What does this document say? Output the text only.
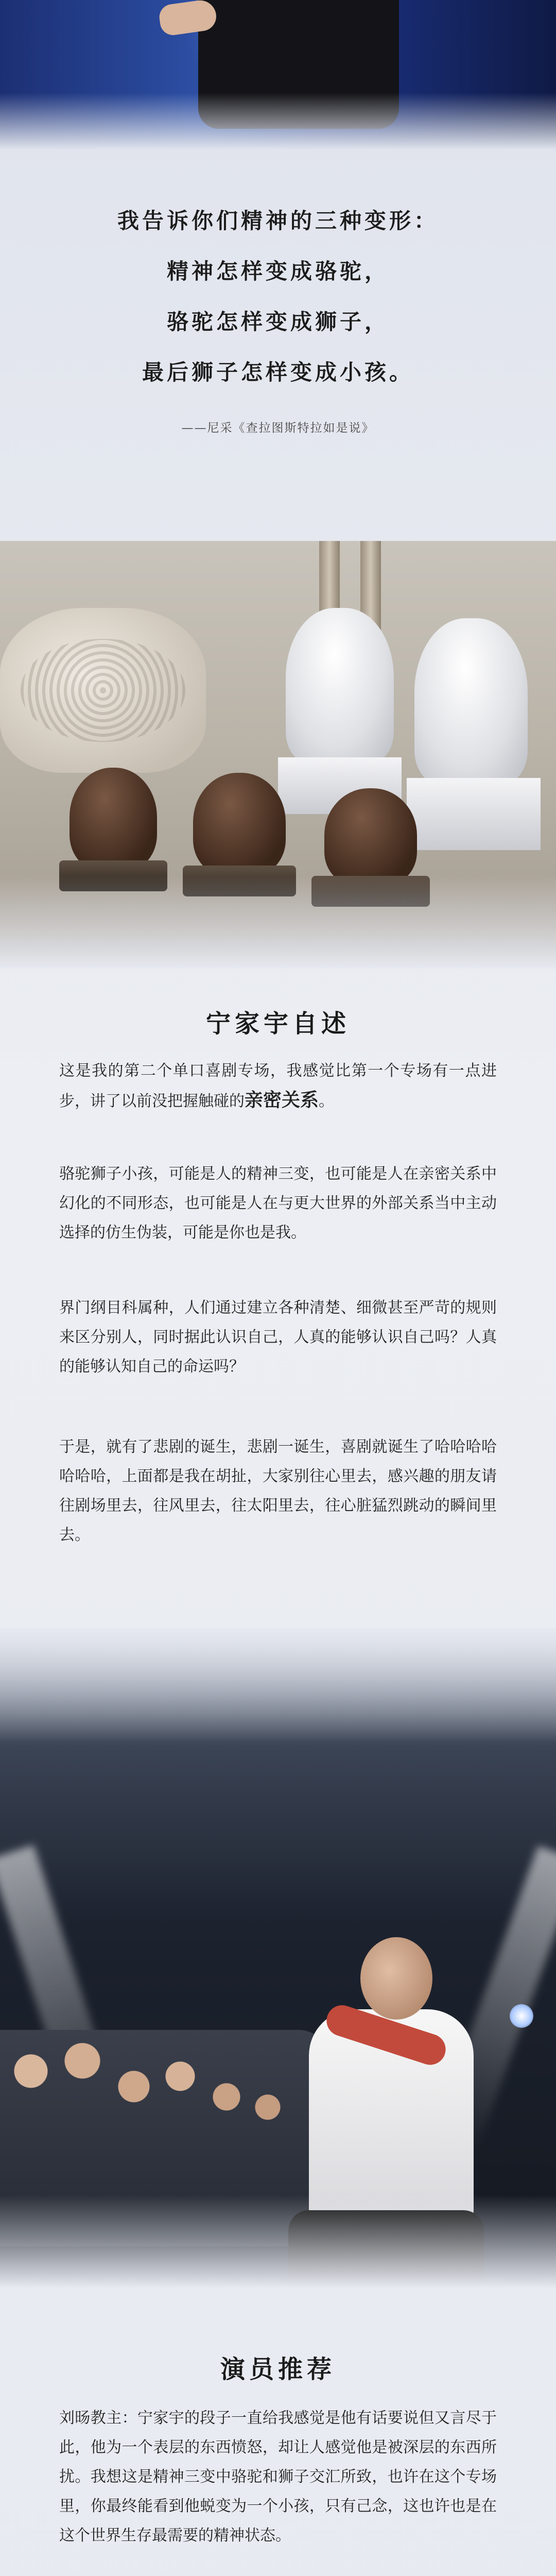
我告诉你们精神的三种变形：
精神怎样变成骆驼，
骆驼怎样变成狮子，
最后狮子怎样变成小孩。
——尼采《查拉图斯特拉如是说》
宁家宇自述

这是我的第二个单口喜剧专场，我感觉比第一个专场有一点进步，讲了以前没把握触碰的亲密关系。

骆驼狮子小孩，可能是人的精神三变，也可能是人在亲密关系中幻化的不同形态，也可能是人在与更大世界的外部关系当中主动选择的仿生伪装，可能是你也是我。

界门纲目科属种，人们通过建立各种清楚、细微甚至严苛的规则来区分别人，同时据此认识自己，人真的能够认识自己吗？人真的能够认知自己的命运吗？

于是，就有了悲剧的诞生，悲剧一诞生，喜剧就诞生了哈哈哈哈哈哈哈，上面都是我在胡扯，大家别往心里去，感兴趣的朋友请往剧场里去，往风里去，往太阳里去，往心脏猛烈跳动的瞬间里去。

演员推荐

刘旸教主：宁家宇的段子一直给我感觉是他有话要说但又言尽于此，他为一个表层的东西愤怒，却让人感觉他是被深层的东西所扰。我想这是精神三变中骆驼和狮子交汇所致，也许在这个专场里，你最终能看到他蜕变为一个小孩，只有己念，这也许也是在这个世界生存最需要的精神状态。
